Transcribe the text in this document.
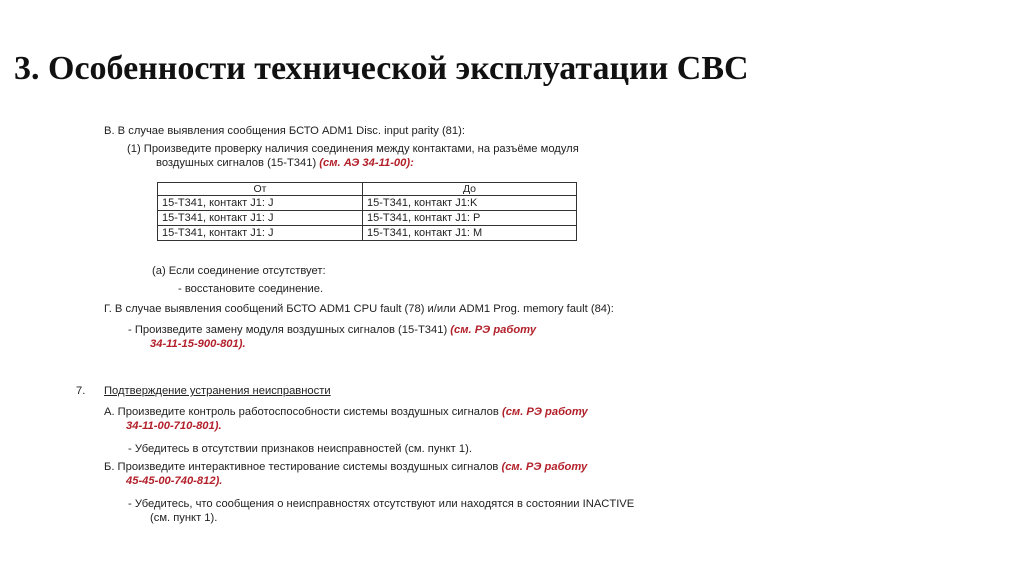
3. Особенности технической эксплуатации СВС
В. В случае выявления сообщения БСТО ADM1 Disc. input parity (81):
(1) Произведите проверку наличия соединения между контактами, на разъёме модуля
воздушных сигналов (15-Т341) (см. АЭ 34-11-00):
От	До
15-Т341, контакт J1: J	15-Т341, контакт J1:K
15-Т341, контакт J1: J	15-Т341, контакт J1: P
15-Т341, контакт J1: J	15-Т341, контакт J1: M
(а) Если соединение отсутствует:
- восстановите соединение.
Г. В случае выявления сообщений БСТО ADM1 CPU fault (78) и/или ADM1 Prog. memory fault (84):
- Произведите замену модуля воздушных сигналов (15-Т341) (см. РЭ работу
34-11-15-900-801).
7. Подтверждение устранения неисправности
А. Произведите контроль работоспособности системы воздушных сигналов (см. РЭ работу
34-11-00-710-801).
- Убедитесь в отсутствии признаков неисправностей (см. пункт 1).
Б. Произведите интерактивное тестирование системы воздушных сигналов (см. РЭ работу
45-45-00-740-812).
- Убедитесь, что сообщения о неисправностях отсутствуют или находятся в состоянии INACTIVE
(см. пункт 1).
